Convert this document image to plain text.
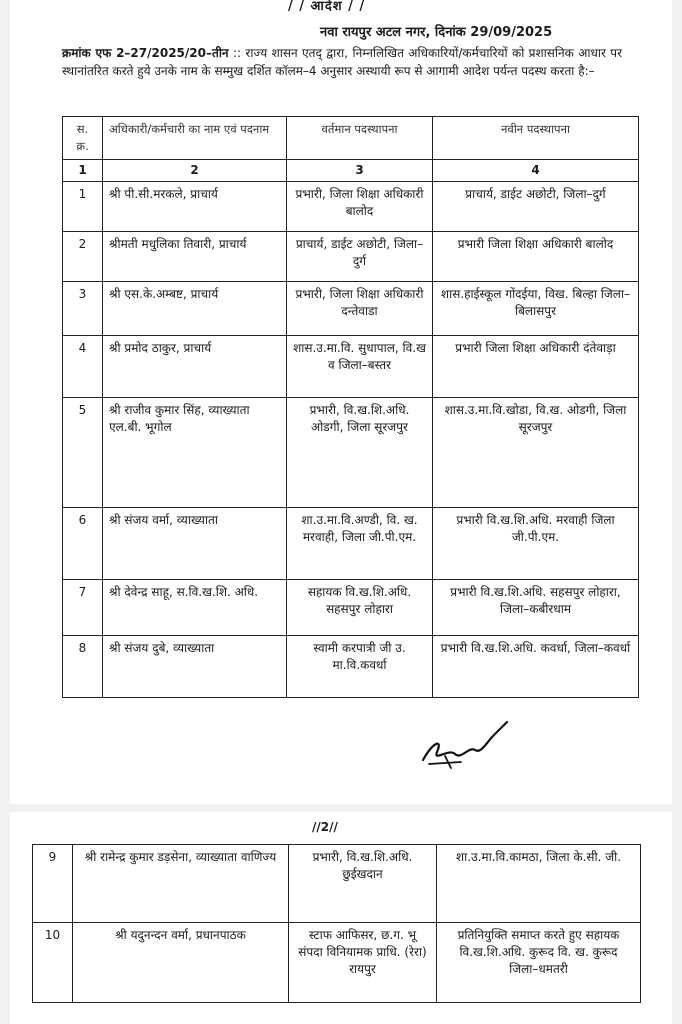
/ / आदेश / /
नवा रायपुर अटल नगर, दिनांक 29/09/2025
क्रमांक एफ 2–27/2025/20–तीन :: राज्य शासन एतद् द्वारा, निम्नलिखित अधिकारियों/कर्मचारियों को प्रशासनिक आधार पर स्थानांतरित करते हुये उनके नाम के सम्मुख दर्शित कॉलम–4 अनुसार अस्थायी रूप से आगामी आदेश पर्यन्त पदस्थ करता है:–
स. क्र.	अधिकारी/कर्मचारी का नाम एवं पदनाम	वर्तमान पदस्थापना	नवीन पदस्थापना
1	2	3	4
1	श्री पी.सी.मरकले, प्राचार्य	प्रभारी, जिला शिक्षा अधिकारी बालोद	प्राचार्य, डाईट अछोटी, जिला–दुर्ग
2	श्रीमती मधुलिका तिवारी, प्राचार्य	प्राचार्य, डाईट अछोटी, जिला–दुर्ग	प्रभारी जिला शिक्षा अधिकारी बालोद
3	श्री एस.के.अम्बष्ट, प्राचार्य	प्रभारी, जिला शिक्षा अधिकारी दन्तेवाडा	शास.हाईस्कूल गोंदईया, विख. बिल्हा जिला–बिलासपुर
4	श्री प्रमोद ठाकुर, प्राचार्य	शास.उ.मा.वि. सुधापाल, वि.ख व जिला–बस्तर	प्रभारी जिला शिक्षा अधिकारी दंतेवाड़ा
5	श्री राजीव कुमार सिंह, व्याख्याता एल.बी. भूगोल	प्रभारी, वि.ख.शि.अधि. ओडगी, जिला सूरजपुर	शास.उ.मा.वि.खोडा, वि.ख. ओडगी, जिला सूरजपुर
6	श्री संजय वर्मा, व्याख्याता	शा.उ.मा.वि.अण्डी, वि. ख. मरवाही, जिला जी.पी.एम.	प्रभारी वि.ख.शि.अधि. मरवाही जिला जी.पी.एम.
7	श्री देवेन्द्र साहू, स.वि.ख.शि. अधि.	सहायक वि.ख.शि.अधि. सहसपुर लोहारा	प्रभारी वि.ख.शि.अधि. सहसपुर लोहारा, जिला–कबीरधाम
8	श्री संजय दुबे, व्याख्याता	स्वामी करपात्री जी उ. मा.वि.कवर्धा	प्रभारी वि.ख.शि.अधि. कवर्धा, जिला–कवर्धा
//2//
9	श्री रामेन्द्र कुमार डड़सेना, व्याख्याता वाणिज्य	प्रभारी, वि.ख.शि.अधि. छुईखदान	शा.उ.मा.वि.कामठा, जिला के.सी. जी.
10	श्री यदुनन्दन वर्मा, प्रधानपाठक	स्टाफ आफिसर, छ.ग. भू संपदा विनियामक प्राधि. (रेरा) रायपुर	प्रतिनियुक्ति समाप्त करते हुए सहायक वि.ख.शि.अधि. कुरूद वि. ख. कुरूद जिला–धमतरी
